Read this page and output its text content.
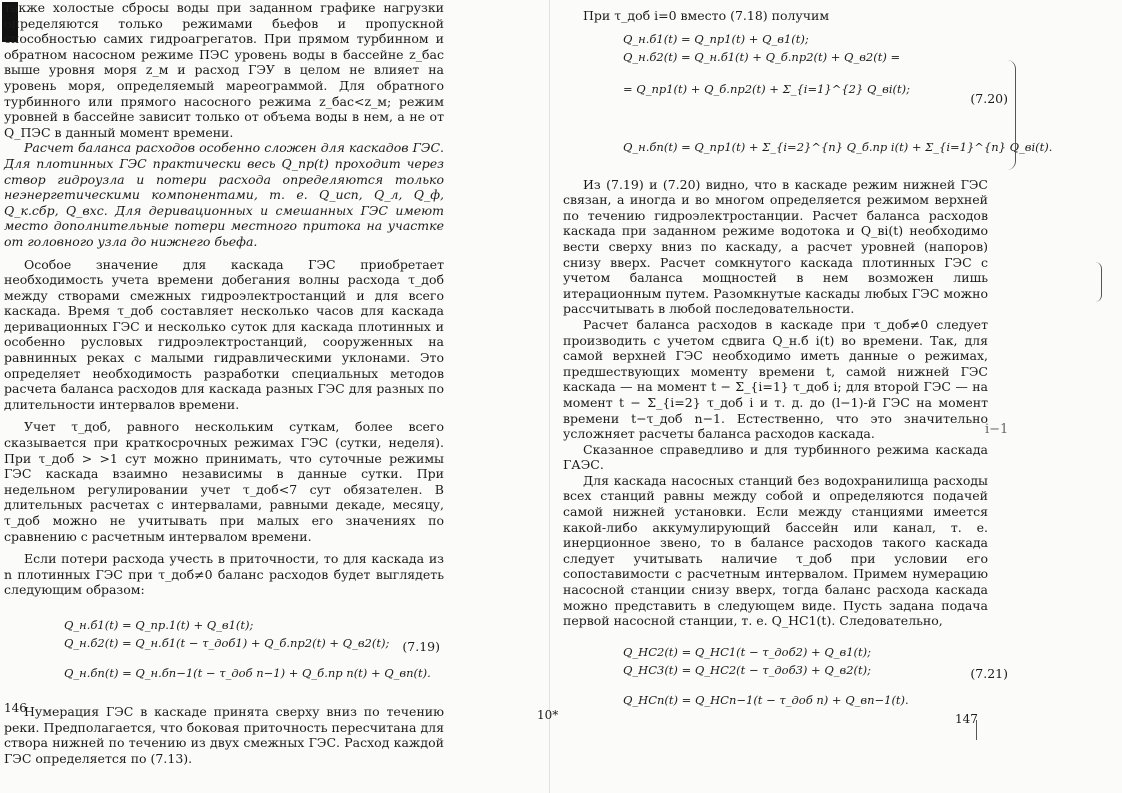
также холостые сбросы воды при заданном графике нагрузки определяются только режимами бьефов и пропускной способностью самих гидроагрегатов. При прямом турбинном и обратном насосном режиме ПЭС уровень воды в бассейне z_бас выше уровня моря z_м и расход ГЭУ в целом не влияет на уровень моря, определяемый мареограммой. Для обратного турбинного или прямого насосного режима z_бас<z_м; режим уровней в бассейне зависит только от объема воды в нем, а не от Q_ПЭС в данный момент времени.

Расчет баланса расходов особенно сложен для каскадов ГЭС. Для плотинных ГЭС практически весь Q_пр(t) проходит через створ гидроузла и потери расхода определяются только неэнергетическими компонентами, т. е. Q_исп, Q_л, Q_ф, Q_к.сбр, Q_вхс. Для деривационных и смешанных ГЭС имеют место дополнительные потери местного притока на участке от головного узла до нижнего бьефа.

Особое значение для каскада ГЭС приобретает необходимость учета времени добегания волны расхода τ_доб между створами смежных гидроэлектростанций и для всего каскада. Время τ_доб составляет несколько часов для каскада деривационных ГЭС и несколько суток для каскада плотинных и особенно русловых гидроэлектростанций, сооруженных на равнинных реках с малыми гидравлическими уклонами. Это определяет необходимость разработки специальных методов расчета баланса расходов для каскада разных ГЭС для разных по длительности интервалов времени.

Учет τ_доб, равного нескольким суткам, более всего сказывается при краткосрочных режимах ГЭС (сутки, неделя). При τ_доб > >1 сут можно принимать, что суточные режимы ГЭС каскада взаимно независимы в данные сутки. При недельном регулировании учет τ_доб<7 сут обязателен. В длительных расчетах с интервалами, равными декаде, месяцу, τ_доб можно не учитывать при малых его значениях по сравнению с расчетным интервалом времени.

Если потери расхода учесть в приточности, то для каскада из n плотинных ГЭС при τ_доб≠0 баланс расходов будет выглядеть следующим образом:

Q_н.б1(t) = Q_пр.1(t) + Q_в1(t);
Q_н.б2(t) = Q_н.б1(t − τ_доб1) + Q_б.пр2(t) + Q_в2(t);
Q_н.бn(t) = Q_н.бn−1(t − τ_доб n−1) + Q_б.пр n(t) + Q_вn(t).
(7.19)

Нумерация ГЭС в каскаде принята сверху вниз по течению реки. Предполагается, что боковая приточность пересчитана для створа нижней по течению из двух смежных ГЭС. Расход каждой ГЭС определяется по (7.13).

146

При τ_доб i=0 вместо (7.18) получим

Q_н.б1(t) = Q_пр1(t) + Q_в1(t);
Q_н.б2(t) = Q_н.б1(t) + Q_б.пр2(t) + Q_в2(t) =
= Q_пр1(t) + Q_б.пр2(t) + Σ_{i=1}^{2} Q_вi(t);
Q_н.бn(t) = Q_пр1(t) + Σ_{i=2}^{n} Q_б.пр i(t) + Σ_{i=1}^{n} Q_вi(t).
(7.20)

Из (7.19) и (7.20) видно, что в каскаде режим нижней ГЭС связан, а иногда и во многом определяется режимом верхней по течению гидроэлектростанции. Расчет баланса расходов каскада при заданном режиме водотока и Q_вi(t) необходимо вести сверху вниз по каскаду, а расчет уровней (напоров) снизу вверх. Расчет сомкнутого каскада плотинных ГЭС с учетом баланса мощностей в нем возможен лишь итерационным путем. Разомкнутые каскады любых ГЭС можно рассчитывать в любой последовательности.

Расчет баланса расходов в каскаде при τ_доб≠0 следует производить с учетом сдвига Q_н.б i(t) во времени. Так, для самой верхней ГЭС необходимо иметь данные о режимах, предшествующих моменту времени t, самой нижней ГЭС каскада — на момент t − Σ_{i=1} τ_доб i; для второй ГЭС — на момент t − Σ_{i=2} τ_доб i и т. д. до (l−1)-й ГЭС на момент времени t−τ_доб n−1. Естественно, что это значительно усложняет расчеты баланса расходов каскада.

Сказанное справедливо и для турбинного режима каскада ГАЭС.

Для каскада насосных станций без водохранилища расходы всех станций равны между собой и определяются подачей самой нижней установки. Если между станциями имеется какой-либо аккумулирующий бассейн или канал, т. е. инерционное звено, то в балансе расходов такого каскада следует учитывать наличие τ_доб при условии его сопоставимости с расчетным интервалом. Примем нумерацию насосной станции снизу вверх, тогда баланс расхода каскада можно представить в следующем виде. Пусть задана подача первой насосной станции, т. е. Q_НС1(t). Следовательно,

Q_НС2(t) = Q_НС1(t − τ_доб2) + Q_в1(t);
Q_НС3(t) = Q_НС2(t − τ_доб3) + Q_в2(t);
Q_НСn(t) = Q_НСn−1(t − τ_доб n) + Q_вn−1(t).
(7.21)
i−1
10*	147
